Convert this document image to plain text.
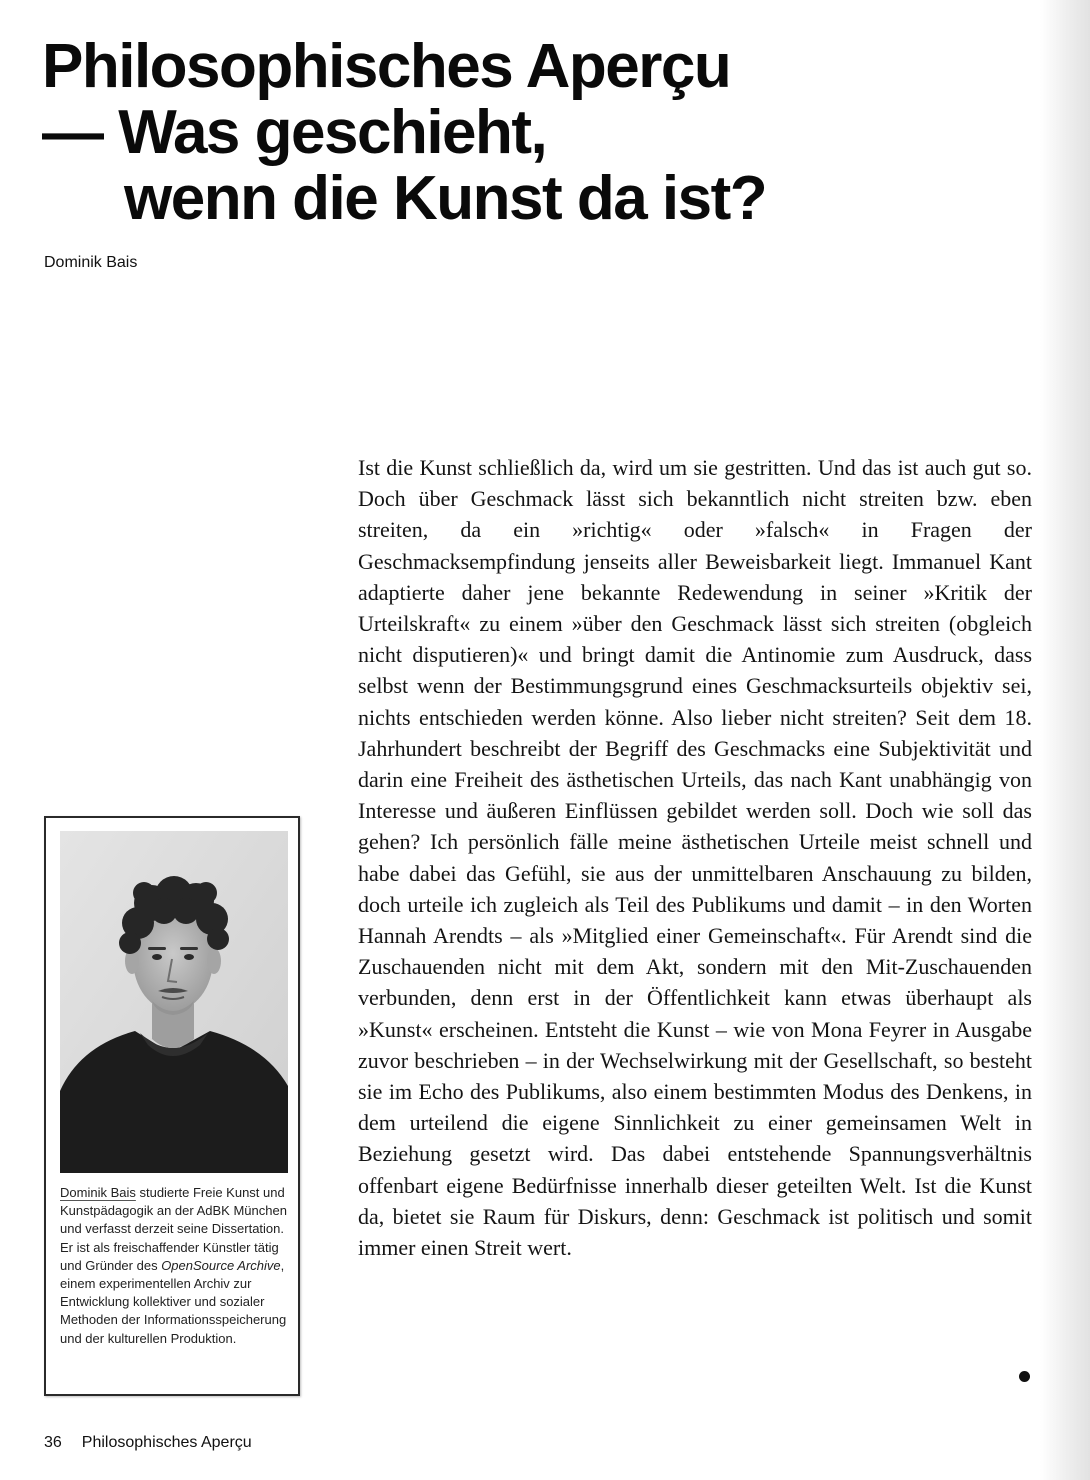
Philosophisches Aperçu
— Was geschieht,
wenn die Kunst da ist?
Dominik Bais

Ist die Kunst schließlich da, wird um sie gestritten. Und das ist auch gut so. Doch über Geschmack lässt sich bekanntlich nicht streiten bzw. eben streiten, da ein »richtig« oder »falsch« in Fragen der Geschmacksempfindung jenseits aller Beweisbarkeit liegt. Immanuel Kant adaptierte daher jene bekannte Redewendung in seiner »Kritik der Urteilskraft« zu einem »über den Geschmack lässt sich streiten (obgleich nicht disputieren)« und bringt damit die Antinomie zum Ausdruck, dass selbst wenn der Bestimmungsgrund eines Geschmacksurteils objektiv sei, nichts entschieden werden könne. Also lieber nicht streiten? Seit dem 18. Jahrhundert beschreibt der Begriff des Geschmacks eine Subjektivität und darin eine Freiheit des ästhetischen Urteils, das nach Kant unabhängig von Interesse und äußeren Einflüssen gebildet werden soll. Doch wie soll das gehen? Ich persönlich fälle meine ästhetischen Urteile meist schnell und habe dabei das Gefühl, sie aus der unmittelbaren Anschauung zu bilden, doch urteile ich zugleich als Teil des Publikums und damit – in den Worten Hannah Arendts – als »Mitglied einer Gemeinschaft«. Für Arendt sind die Zuschauenden nicht mit dem Akt, sondern mit den Mit-Zuschauenden verbunden, denn erst in der Öffentlichkeit kann etwas überhaupt als »Kunst« erscheinen. Entsteht die Kunst – wie von Mona Feyrer in Ausgabe zuvor beschrieben – in der Wechselwirkung mit der Gesellschaft, so besteht sie im Echo des Publikums, also einem bestimmten Modus des Denkens, in dem urteilend die eigene Sinnlichkeit zu einer gemeinsamen Welt in Beziehung gesetzt wird. Das dabei entstehende Spannungsverhältnis offenbart eigene Bedürfnisse innerhalb dieser geteilten Welt. Ist die Kunst da, bietet sie Raum für Diskurs, denn: Geschmack ist politisch und somit immer einen Streit wert.

Dominik Bais studierte Freie Kunst und Kunstpädagogik an der AdBK München und verfasst derzeit seine Dissertation. Er ist als freischaffender Künstler tätig und Gründer des OpenSource Archive, einem experimentellen Archiv zur Entwicklung kollektiver und sozialer Methoden der Informationsspeicherung und der kulturellen Produktion.

36 Philosophisches Aperçu
